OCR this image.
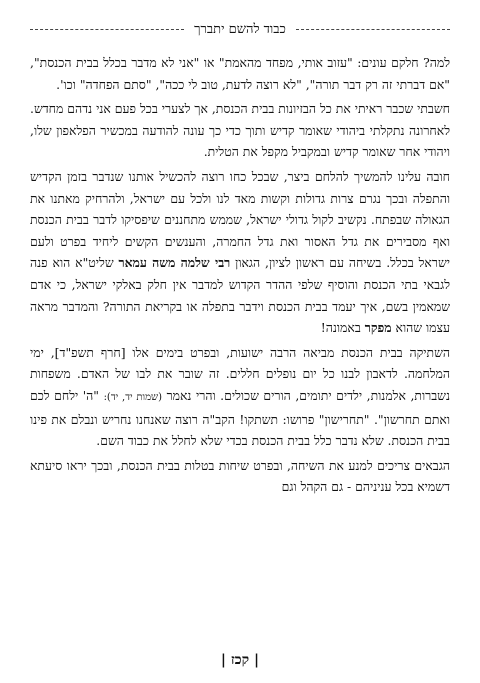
כבוד להשם יתברך

למה? חלקם עונים: "עזוב אותי, מפחד מהאמת" או "אני לא מדבר בכלל בבית הכנסת", "אם דברתי זה רק דבר תורה", "לא רוצה לדעת, טוב לי ככה", "סתם הפחדה" וכו'.

חשבתי שכבר ראיתי את כל הבזיונות בבית הכנסת, אך לצערי בכל פעם אני נדהם מחדש. לאחרונה נתקלתי ביהודי שאומר קדיש ותוך כדי כך עונה להודעה במכשיר הפלאפון שלו, ויהודי אחר שאומר קדיש ובמקביל מקפל את הטלית.

חובה עלינו להמשיך להלחם ביצר, שבכל כחו רוצה להכשיל אותנו שנדבר בזמן הקדיש והתפלה ובכך נגרם צרות גדולות וקשות מאד לנו ולכל עם ישראל, ולהרחיק מאתנו את הגאולה שבפתח. נקשיב לקול גדולי ישראל, שממש מתחננים שיפסיקו לדבר בבית הכנסת ואף מסבירים את גדל האסור ואת גדל החמרה, והענשים הקשים ליחיד בפרט ולעם ישראל בכלל. בשיחה עם ראשון לציון, הגאון רבי שלמה משה עמאר שליט"א הוא פנה לגבאי בתי הכנסת והוסיף שלפי ההדר הקדוש למדבר אין חלק באלקי ישראל, כי אדם שמאמין בשם, איך יעמד בבית הכנסת וידבר בתפלה או בקריאת התורה? והמדבר מראה עצמו שהוא מפקר באמונה!

השתיקה בבית הכנסת מביאה הרבה ישועות, ובפרט בימים אלו [חרף תשפ"ד], ימי המלחמה. לדאבון לבנו כל יום נופלים חללים. זה שובר את לבו של האדם. משפחות נשברות, אלמנות, ילדים יתומים, הורים שכולים. והרי נאמר (שמות יד, יד): "ה' ילחם לכם ואתם תחרשון". "תחרישון" פרושו: תשתקו! הקב"ה רוצה שאנחנו נחריש ונבלם את פינו בבית הכנסת. שלא נדבר כלל בבית הכנסת בכדי שלא לחלל את כבוד השם.

הגבאים צריכים למנע את השיחה, ובפרט שיחות בטלות בבית הכנסת, ובכך יראו סיעתא דשמיא בכל עניניהם - גם הקהל וגם

| קכז |
